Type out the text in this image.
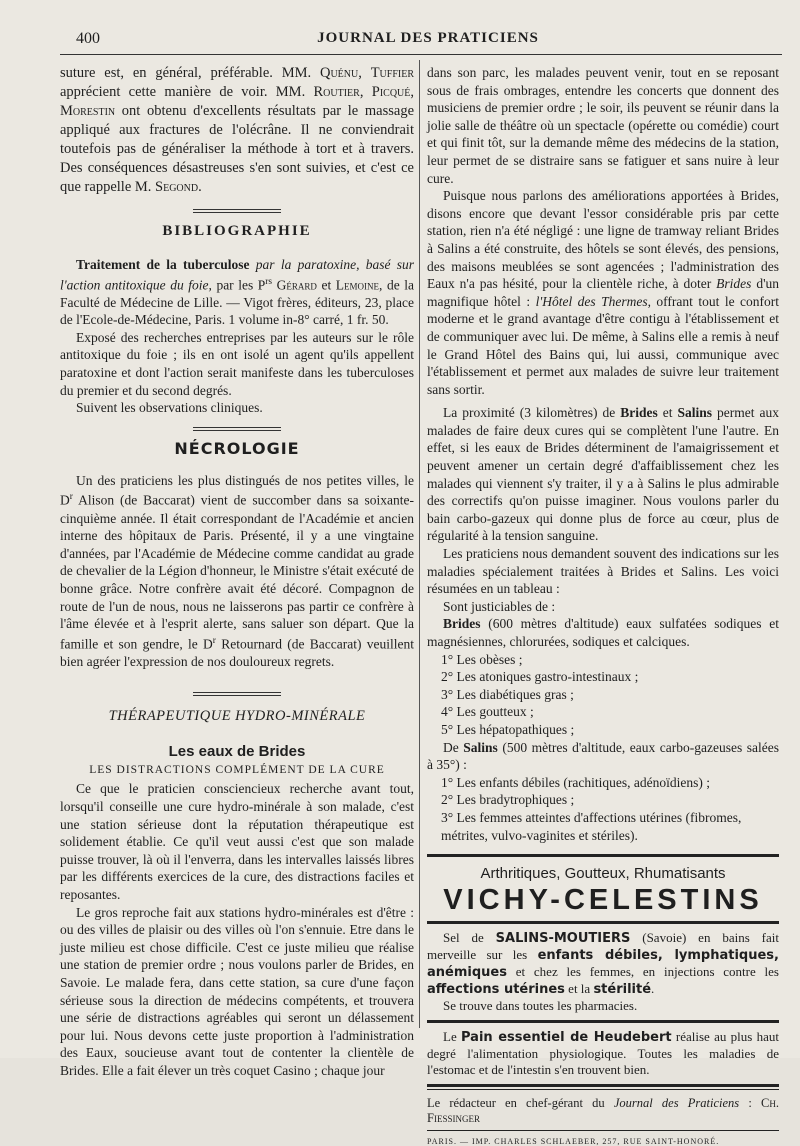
400	JOURNAL DES PRATICIENS

suture est, en général, préférable. MM. Quénu, Tuffier apprécient cette manière de voir. MM. Routier, Picqué, Morestin ont obtenu d'excellents résultats par le massage appliqué aux fractures de l'olécrâne. Il ne conviendrait toutefois pas de généraliser la méthode à tort et à travers. Des conséquences désastreuses s'en sont suivies, et c'est ce que rappelle M. Segond.

BIBLIOGRAPHIE

Traitement de la tuberculose par la paratoxine, basé sur l'action antitoxique du foie, par les $P^{rs}$ Gérard et Lemoine, de la Faculté de Médecine de Lille. — Vigot frères, éditeurs, 23, place de l'Ecole-de-Médecine, Paris. 1 volume in-8° carré, 1 fr. 50.

Exposé des recherches entreprises par les auteurs sur le rôle antitoxique du foie ; ils en ont isolé un agent qu'ils appellent paratoxine et dont l'action serait manifeste dans les tuberculoses du premier et du second degrés.

Suivent les observations cliniques.

NÉCROLOGIE

Un des praticiens les plus distingués de nos petites villes, le $D^r$ Alison (de Baccarat) vient de succomber dans sa soixante-cinquième année. Il était correspondant de l'Académie et ancien interne des hôpitaux de Paris. Présenté, il y a une vingtaine d'années, par l'Académie de Médecine comme candidat au grade de chevalier de la Légion d'honneur, le Ministre s'était exécuté de bonne grâce. Notre confrère avait été décoré. Compagnon de route de l'un de nous, nous ne laisserons pas partir ce confrère à l'âme élevée et à l'esprit alerte, sans saluer son départ. Que la famille et son gendre, le $D^r$ Retournard (de Baccarat) veuillent bien agréer l'expression de nos douloureux regrets.

THÉRAPEUTIQUE HYDRO-MINÉRALE
Les eaux de Brides
LES DISTRACTIONS COMPLÉMENT DE LA CURE

Ce que le praticien consciencieux recherche avant tout, lorsqu'il conseille une cure hydro-minérale à son malade, c'est une station sérieuse dont la réputation thérapeutique est solidement établie. Ce qu'il veut aussi c'est que son malade puisse trouver, là où il l'enverra, dans les intervalles laissés libres par les différents exercices de la cure, des distractions faciles et reposantes.

Le gros reproche fait aux stations hydro-minérales est d'être : ou des villes de plaisir ou des villes où l'on s'ennuie. Etre dans le juste milieu est chose difficile. C'est ce juste milieu que réalise une station de premier ordre ; nous voulons parler de Brides, en Savoie. Le malade fera, dans cette station, sa cure d'une façon sérieuse sous la direction de médecins compétents, et trouvera une série de distractions agréables qui seront un délassement pour lui. Nous devons cette juste proportion à l'administration des Eaux, soucieuse avant tout de contenter la clientèle de Brides. Elle a fait élever un très coquet Casino ; chaque jour

dans son parc, les malades peuvent venir, tout en se reposant sous de frais ombrages, entendre les concerts que donnent des musiciens de premier ordre ; le soir, ils peuvent se réunir dans la jolie salle de théâtre où un spectacle (opérette ou comédie) court et qui finit tôt, sur la demande même des médecins de la station, leur permet de se distraire sans se fatiguer et sans nuire à leur cure.

Puisque nous parlons des améliorations apportées à Brides, disons encore que devant l'essor considérable pris par cette station, rien n'a été négligé : une ligne de tramway reliant Brides à Salins a été construite, des hôtels se sont élevés, des pensions, des maisons meublées se sont agencées ; l'administration des Eaux n'a pas hésité, pour la clientèle riche, à doter Brides d'un magnifique hôtel : l'Hôtel des Thermes, offrant tout le confort moderne et le grand avantage d'être contigu à l'établissement et de communiquer avec lui. De même, à Salins elle a remis à neuf le Grand Hôtel des Bains qui, lui aussi, communique avec l'établissement et permet aux malades de suivre leur traitement sans sortir.

La proximité (3 kilomètres) de Brides et Salins permet aux malades de faire deux cures qui se complètent l'une l'autre. En effet, si les eaux de Brides déterminent de l'amaigrissement et peuvent amener un certain degré d'affaiblissement chez les malades qui viennent s'y traiter, il y a à Salins le plus admirable des correctifs qu'on puisse imaginer. Nous voulons parler du bain carbo-gazeux qui donne plus de force au cœur, plus de régularité à la tension sanguine.

Les praticiens nous demandent souvent des indications sur les maladies spécialement traitées à Brides et Salins. Les voici résumées en un tableau :

Sont justiciables de :

Brides (600 mètres d'altitude) eaux sulfatées sodiques et magnésiennes, chlorurées, sodiques et calciques.

1° Les obèses ;
2° Les atoniques gastro-intestinaux ;
3° Les diabétiques gras ;
4° Les goutteux ;
5° Les hépatopathiques ;

De Salins (500 mètres d'altitude, eaux carbo-gazeuses salées à 35°) :

1° Les enfants débiles (rachitiques, adénoïdiens) ;
2° Les bradytrophiques ;
3° Les femmes atteintes d'affections utérines (fibromes, métrites, vulvo-vaginites et stériles).
Arthritiques, Goutteux, Rhumatisants
VICHY-CELESTINS

Sel de SALINS-MOUTIERS (Savoie) en bains fait merveille sur les enfants débiles, lymphatiques, anémiques et chez les femmes, en injections contre les affections utérines et la stérilité.

Se trouve dans toutes les pharmacies.

Le Pain essentiel de Heudebert réalise au plus haut degré l'alimentation physiologique. Toutes les maladies de l'estomac et de l'intestin s'en trouvent bien.

Le rédacteur en chef-gérant du Journal des Praticiens : Ch. Fiessinger

PARIS. — IMP. CHARLES SCHLAEBER, 257, RUE SAINT-HONORÉ.
